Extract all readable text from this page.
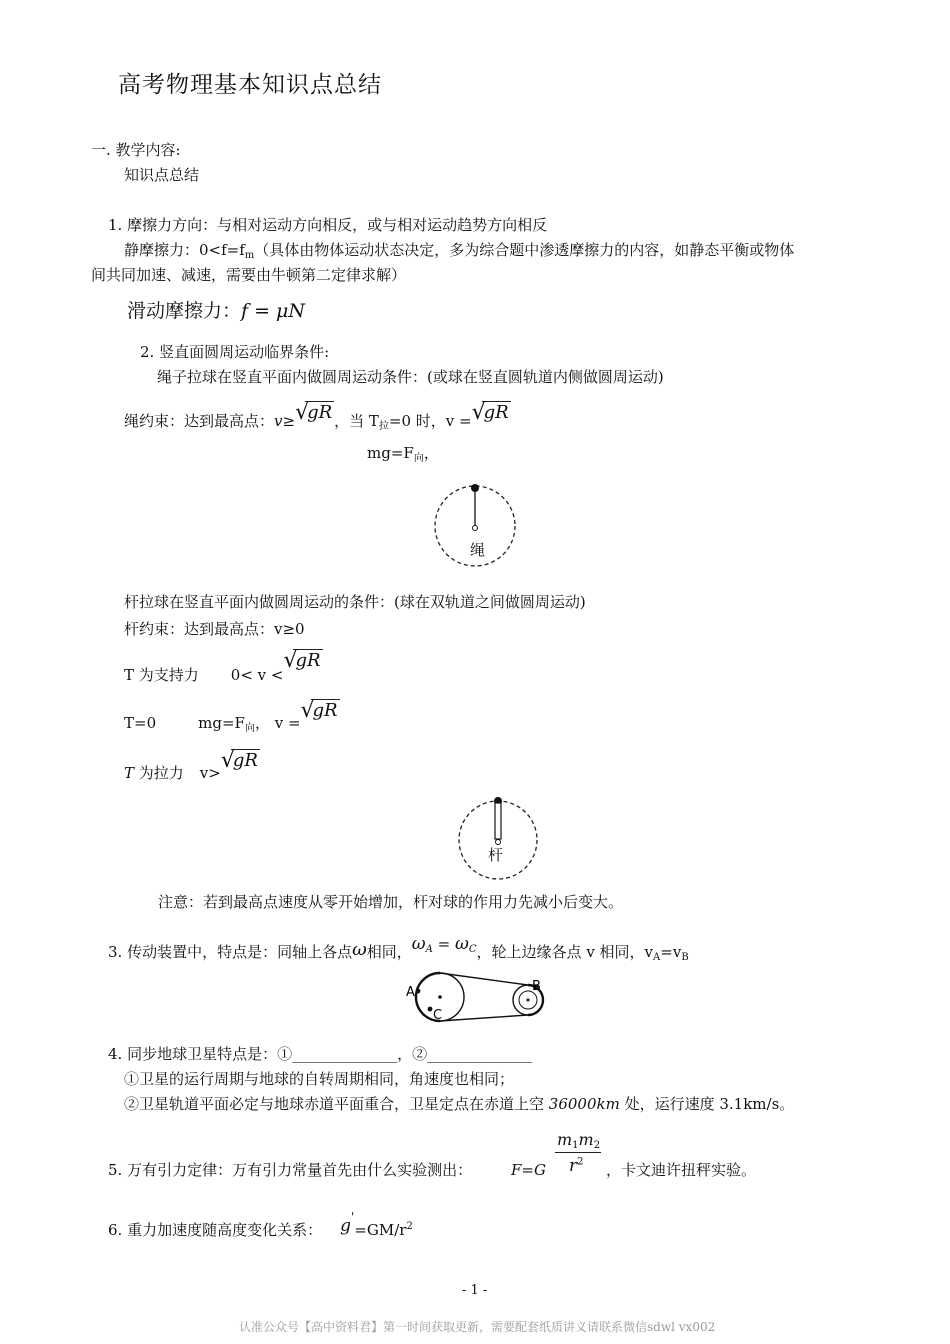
高考物理基本知识点总结
一. 教学内容:
知识点总结
1. 摩擦力方向：与相对运动方向相反，或与相对运动趋势方向相反
静摩擦力：$0<f=f_m$（具体由物体运动状态决定，多为综合题中渗透摩擦力的内容，如静态平衡或物体
间共同加速、减速，需要由牛顿第二定律求解）
滑动摩擦力：f = μN
2. 竖直面圆周运动临界条件:
绳子拉球在竖直平面内做圆周运动条件：(或球在竖直圆轨道内侧做圆周运动)
绳约束：达到最高点：v≥ √
gR ，当 $T_拉=0$ 时，v = √
gR
$mg=F_向$，
绳
杆拉球在竖直平面内做圆周运动的条件：(球在双轨道之间做圆周运动)
杆约束：达到最高点：v≥0
T 为支持力 0< v <
√
gR
T=0	$mg=F_向$， v = √
gR
T 为拉力 v> √
gR
杆
注意：若到最高点速度从零开始增加，杆对球的作用力先减小后变大。
3. 传动装置中，特点是：同轴上各点ω相同，$\omega_A = \omega_C$，轮上边缘各点 v 相同，$v_A=v_B$
A	B
C
4. 同步地球卫星特点是：①______________，②______________
①卫星的运行周期与地球的自转周期相同，角速度也相同；
②卫星轨道平面必定与地球赤道平面重合，卫星定点在赤道上空 36000km 处，运行速度 3.1km/s。
5. 万有引力定律：万有引力常量首先由什么实验测出：	F=G
$m_1m_2$
$r^2$ ，卡文迪许扭秤实验。
6. 重力加速度随高度变化关系： $g'=GM/r^2$
- 1 -
认准公众号【高中资料君】第一时间获取更新，需要配套纸质讲义请联系微信sdwl vx002
